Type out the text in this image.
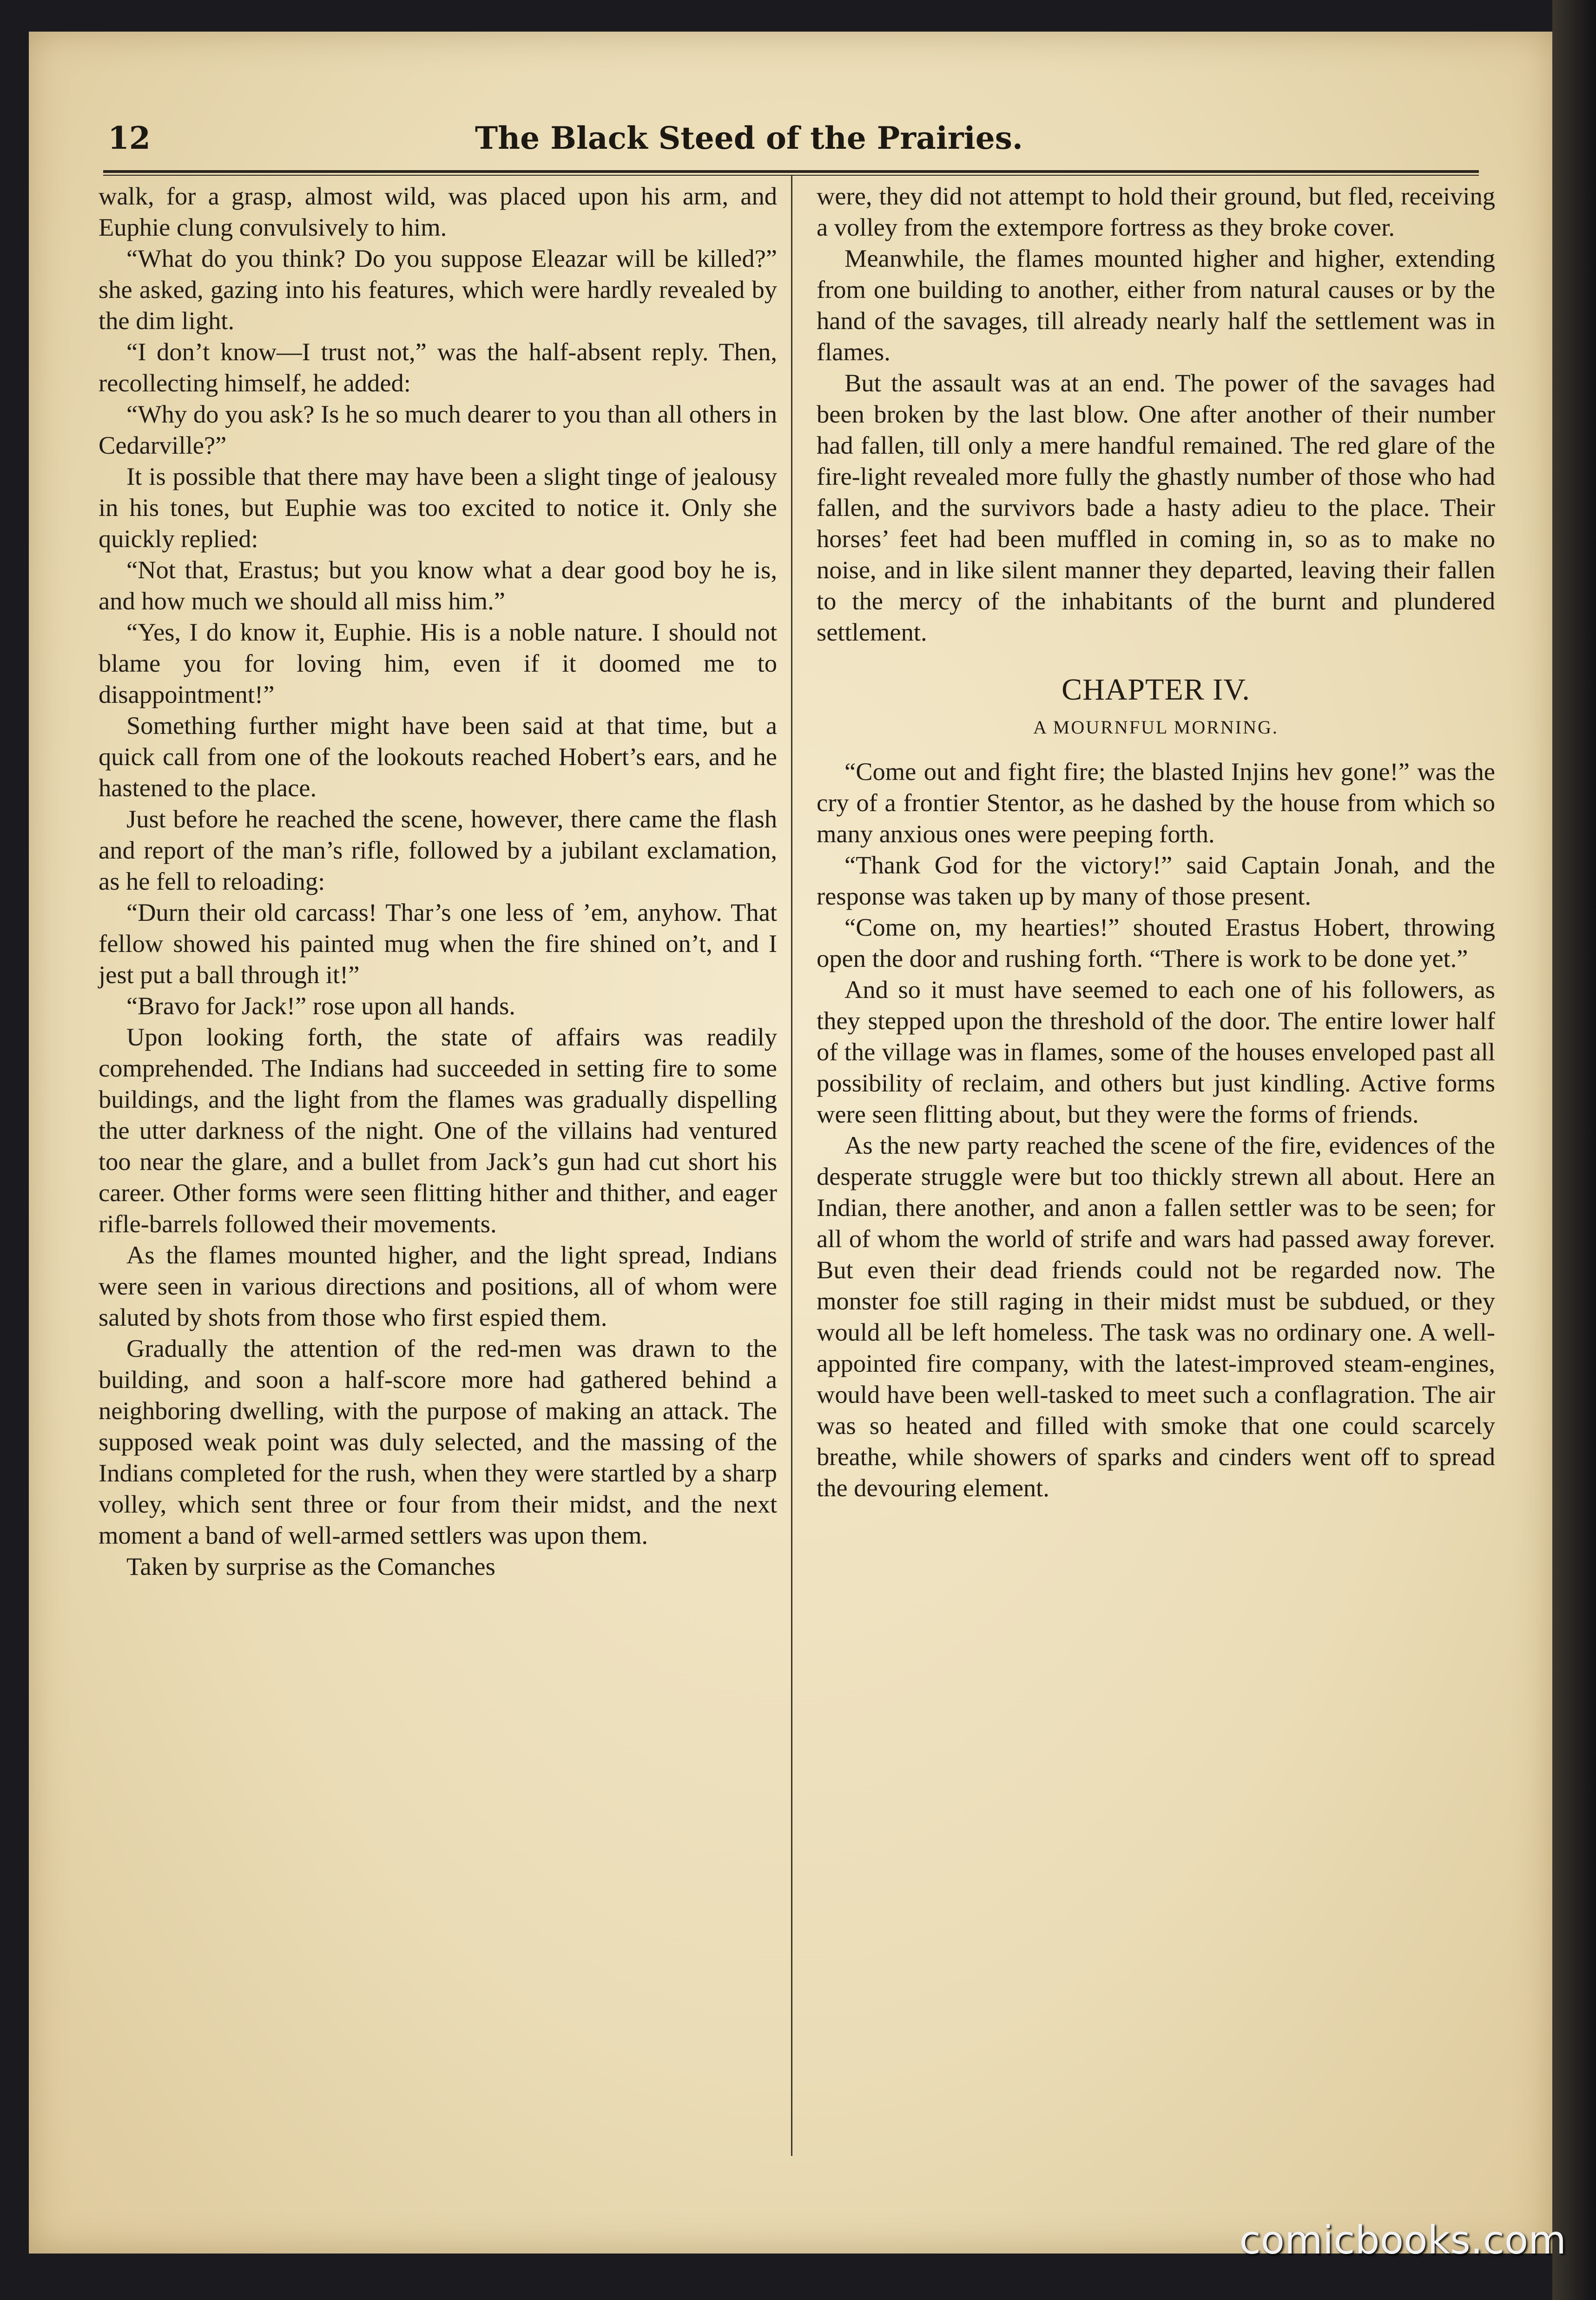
12	The Black Steed of the Prairies.

walk, for a grasp, almost wild, was placed upon his arm, and Euphie clung convulsively to him.

“What do you think? Do you suppose Eleazar will be killed?” she asked, gazing into his features, which were hardly revealed by the dim light.

“I don’t know—I trust not,” was the half-absent reply. Then, recollecting himself, he added:

“Why do you ask? Is he so much dearer to you than all others in Cedarville?”

It is possible that there may have been a slight tinge of jealousy in his tones, but Euphie was too excited to notice it. Only she quickly replied:

“Not that, Erastus; but you know what a dear good boy he is, and how much we should all miss him.”

“Yes, I do know it, Euphie. His is a noble nature. I should not blame you for loving him, even if it doomed me to disappointment!”

Something further might have been said at that time, but a quick call from one of the lookouts reached Hobert’s ears, and he hastened to the place.

Just before he reached the scene, however, there came the flash and report of the man’s rifle, followed by a jubilant exclamation, as he fell to reloading:

“Durn their old carcass! Thar’s one less of ’em, anyhow. That fellow showed his painted mug when the fire shined on’t, and I jest put a ball through it!”

“Bravo for Jack!” rose upon all hands.

Upon looking forth, the state of affairs was readily comprehended. The Indians had succeeded in setting fire to some buildings, and the light from the flames was gradually dispelling the utter darkness of the night. One of the villains had ventured too near the glare, and a bullet from Jack’s gun had cut short his career. Other forms were seen flitting hither and thither, and eager rifle-barrels followed their movements.

As the flames mounted higher, and the light spread, Indians were seen in various directions and positions, all of whom were saluted by shots from those who first espied them.

Gradually the attention of the red-men was drawn to the building, and soon a half-score more had gathered behind a neighboring dwelling, with the purpose of making an attack. The supposed weak point was duly selected, and the massing of the Indians completed for the rush, when they were startled by a sharp volley, which sent three or four from their midst, and the next moment a band of well-armed settlers was upon them.

Taken by surprise as the Comanches

were, they did not attempt to hold their ground, but fled, receiving a volley from the extempore fortress as they broke cover.

Meanwhile, the flames mounted higher and higher, extending from one building to another, either from natural causes or by the hand of the savages, till already nearly half the settlement was in flames.

But the assault was at an end. The power of the savages had been broken by the last blow. One after another of their number had fallen, till only a mere handful remained. The red glare of the fire-light revealed more fully the ghastly number of those who had fallen, and the survivors bade a hasty adieu to the place. Their horses’ feet had been muffled in coming in, so as to make no noise, and in like silent manner they departed, leaving their fallen to the mercy of the inhabitants of the burnt and plundered settlement.

CHAPTER IV.
A MOURNFUL MORNING.

“Come out and fight fire; the blasted Injins hev gone!” was the cry of a frontier Stentor, as he dashed by the house from which so many anxious ones were peeping forth.

“Thank God for the victory!” said Captain Jonah, and the response was taken up by many of those present.

“Come on, my hearties!” shouted Erastus Hobert, throwing open the door and rushing forth. “There is work to be done yet.”

And so it must have seemed to each one of his followers, as they stepped upon the threshold of the door. The entire lower half of the village was in flames, some of the houses enveloped past all possibility of reclaim, and others but just kindling. Active forms were seen flitting about, but they were the forms of friends.

As the new party reached the scene of the fire, evidences of the desperate struggle were but too thickly strewn all about. Here an Indian, there another, and anon a fallen settler was to be seen; for all of whom the world of strife and wars had passed away forever. But even their dead friends could not be regarded now. The monster foe still raging in their midst must be subdued, or they would all be left homeless. The task was no ordinary one. A well-appointed fire company, with the latest-improved steam-engines, would have been well-tasked to meet such a conflagration. The air was so heated and filled with smoke that one could scarcely breathe, while showers of sparks and cinders went off to spread the devouring element.

comicbooks.com
